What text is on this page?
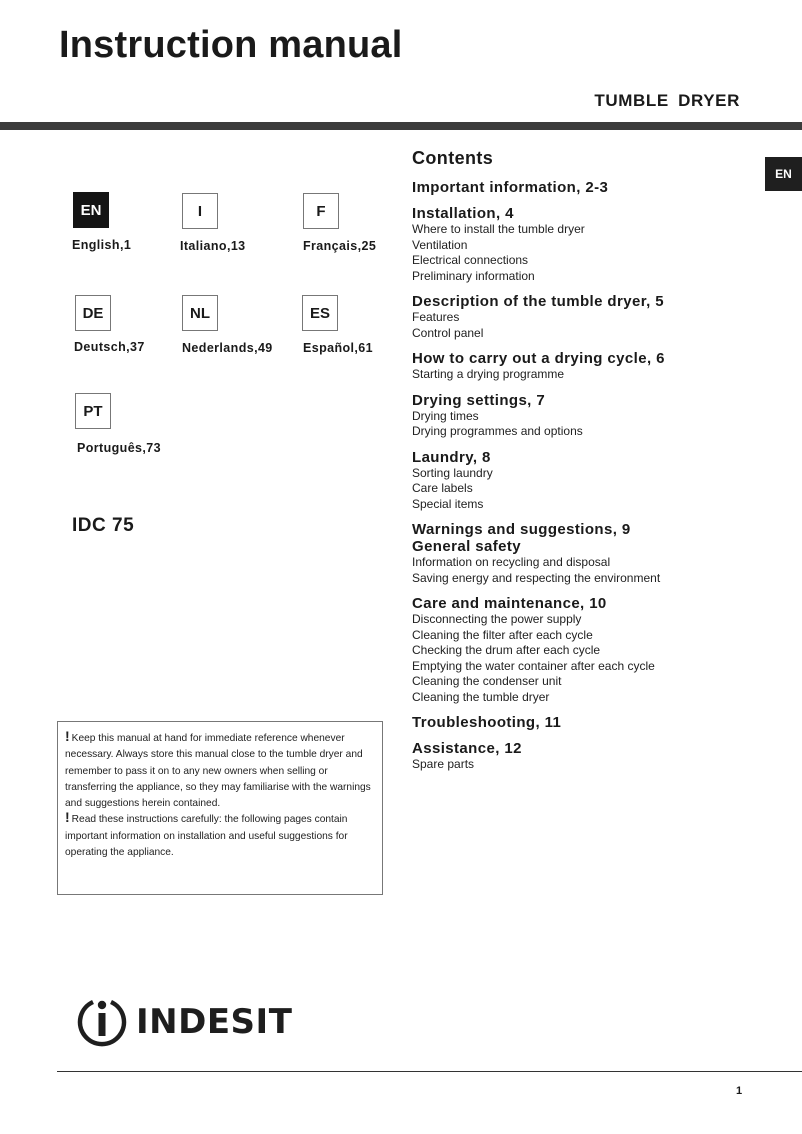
Instruction manual
TUMBLE DRYER
EN
EN
English,1
I
Italiano,13
F
Français,25
DE
Deutsch,37
NL
Nederlands,49
ES
Español,61
PT
Português,73
IDC 75

! Keep this manual at hand for immediate reference whenever necessary. Always store this manual close to the tumble dryer and remember to pass it on to any new owners when selling or transferring the appliance, so they may familiarise with the warnings and suggestions herein contained.

! Read these instructions carefully: the following pages contain important information on installation and useful suggestions for operating the appliance.

Contents
Important information, 2-3
Installation, 4
Where to install the tumble dryer
Ventilation
Electrical connections
Preliminary information
Description of the tumble dryer, 5
Features
Control panel
How to carry out a drying cycle, 6
Starting a drying programme
Drying settings, 7
Drying times
Drying programmes and options
Laundry, 8
Sorting laundry
Care labels
Special items
Warnings and suggestions, 9
General safety
Information on recycling and disposal
Saving energy and respecting the environment
Care and maintenance, 10
Disconnecting the power supply
Cleaning the filter after each cycle
Checking the drum after each cycle
Emptying the water container after each cycle
Cleaning the condenser unit
Cleaning the tumble dryer
Troubleshooting, 11
Assistance, 12
Spare parts
INDESIT
1
